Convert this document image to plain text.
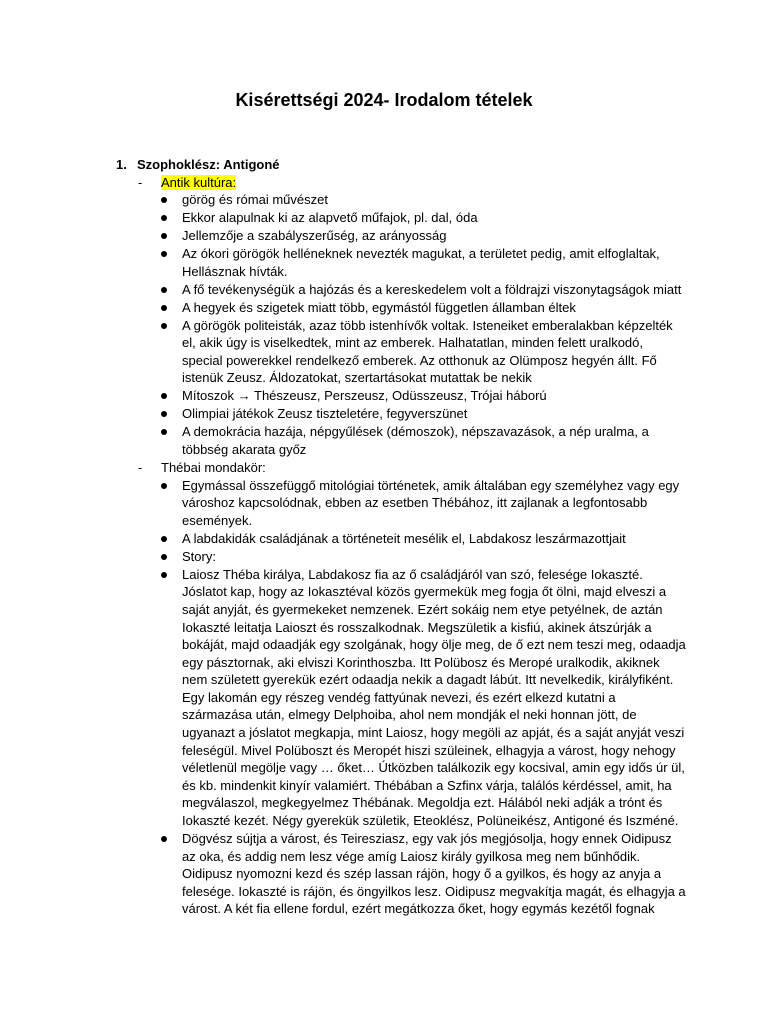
Kisérettségi 2024- Irodalom tételek
1. Szophoklész: Antigoné
- Antik kultúra:
görög és római művészet
Ekkor alapulnak ki az alapvető műfajok, pl. dal, óda
Jellemzője a szabályszerűség, az arányosság
Az ókori görögök helléneknek nevezték magukat, a területet pedig, amit elfoglaltak, Hellásznak hívták.
A fő tevékenységük a hajózás és a kereskedelem volt a földrajzi viszonytagságok miatt
A hegyek és szigetek miatt több, egymástól független államban éltek
A görögök politeisták, azaz több istenhívők voltak. Isteneiket emberalakban képzelték el, akik úgy is viselkedtek, mint az emberek. Halhatatlan, minden felett uralkodó, special powerekkel rendelkező emberek. Az otthonuk az Olümposz hegyén állt. Fő istenük Zeusz. Áldozatokat, szertartásokat mutattak be nekik
Mítoszok → Thészeusz, Perszeusz, Odüsszeusz, Trójai háború
Olimpiai játékok Zeusz tiszteletére, fegyverszünet
A demokrácia hazája, népgyűlések (démoszok), népszavazások, a nép uralma, a többség akarata győz
- Thébai mondakör:
Egymással összefüggő mitológiai történetek, amik általában egy személyhez vagy egy városhoz kapcsolódnak, ebben az esetben Thébához, itt zajlanak a legfontosabb események.
A labdakidák családjának a történeteit mesélik el, Labdakosz leszármazottjait
Story:
Laiosz Thébа királya, Labdakosz fia az ő családjáról van szó, felesége Iokaszté. Jóslatot kap, hogy az Iokasztéval közös gyermekük meg fogja őt ölni, majd elveszi a saját anyját, és gyermekeket nemzenek. Ezért sokáig nem etye petyélnek, de aztán Iokaszté leitatja Laioszt és rosszalkodnak. Megszületik a kisfiú, akinek átszúrják a bokáját, majd odaadják egy szolgának, hogy ölje meg, de ő ezt nem teszi meg, odaadja egy pásztornak, aki elviszi Korinthoszba. Itt Polübosz és Meropé uralkodik, akiknek nem született gyerekük ezért odaadja nekik a dagadt lábút. Itt nevelkedik, királyfiként. Egy lakomán egy részeg vendég fattyúnak nevezi, és ezért elkezd kutatni a származása után, elmegy Delphoiba, ahol nem mondják el neki honnan jött, de ugyanazt a jóslatot megkapja, mint Laiosz, hogy megöli az apját, és a saját anyját veszi feleségül. Mivel Polüboszt és Meropét hiszi szüleinek, elhagyja a várost, hogy nehogy véletlenül megölje vagy … őket… Útközben találkozik egy kocsival, amin egy idős úr ül, és kb. mindenkit kinyír valamiért. Thébában a Szfinx várja, találós kérdéssel, amit, ha megválaszol, megkegyelmez Thébának. Megoldja ezt. Hálából neki adják a trónt és Iokaszté kezét. Négy gyerekük születik, Eteoklész, Polüneikész, Antigoné és Iszméné.
Dögvész sújtja a várost, és Teiresziasz, egy vak jós megjósolja, hogy ennek Oidipusz az oka, és addig nem lesz vége amíg Laiosz király gyilkosa meg nem bűnhődik. Oidipusz nyomozni kezd és szép lassan rájön, hogy ő a gyilkos, és hogy az anyja a felesége. Iokaszté is rájön, és öngyilkos lesz. Oidipusz megvakítja magát, és elhagyja a várost. A két fia ellene fordul, ezért megátkozza őket, hogy egymás kezétől fognak
